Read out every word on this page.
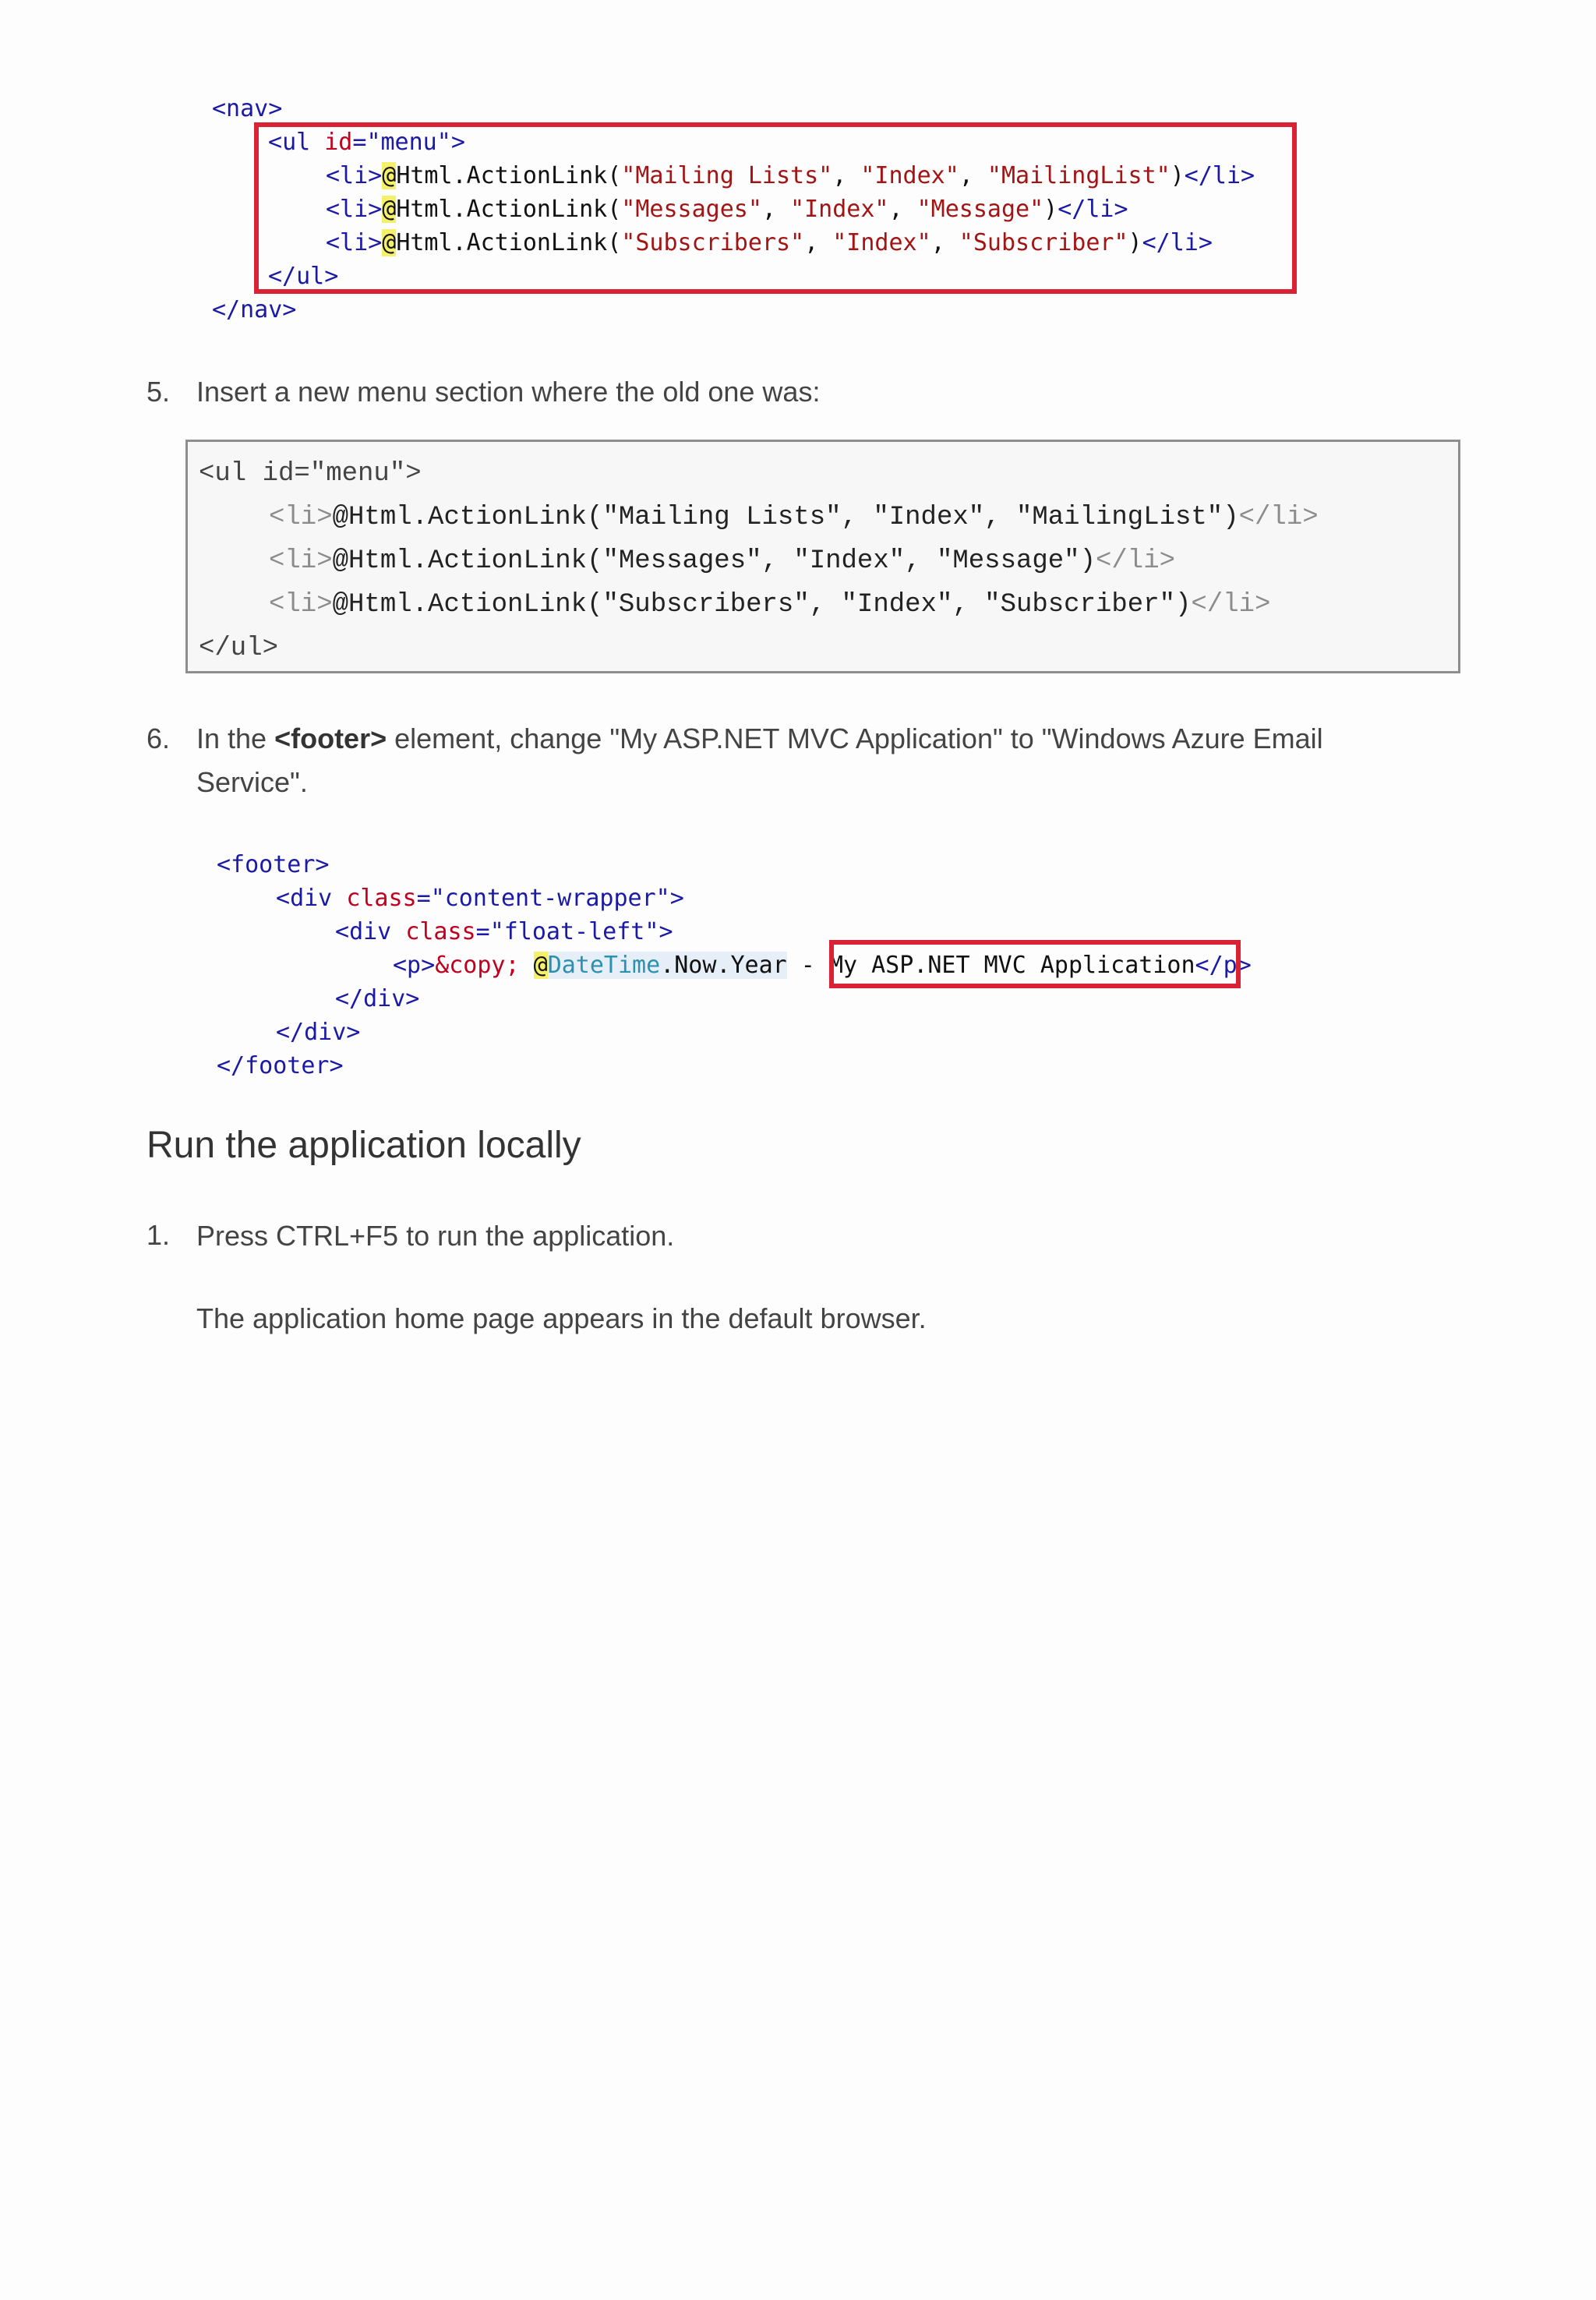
<nav>

<ul id="menu">

<li>@Html.ActionLink("Mailing Lists", "Index", "MailingList")</li>

<li>@Html.ActionLink("Messages", "Index", "Message")</li>

<li>@Html.ActionLink("Subscribers", "Index", "Subscriber")</li>

</ul>

</nav>

5. Insert a new menu section where the old one was:
<ul id="menu">
<li>@Html.ActionLink("Mailing Lists", "Index", "MailingList")</li>
<li>@Html.ActionLink("Messages", "Index", "Message")</li>
<li>@Html.ActionLink("Subscribers", "Index", "Subscriber")</li>
</ul>
6. In the <footer> element, change "My ASP.NET MVC Application" to "Windows Azure Email
Service".

<footer>

<div class="content-wrapper">

<div class="float-left">

<p>&copy; @DateTime.Now.Year - My ASP.NET MVC Application</p>

</div>

</div>

</footer>

Run the application locally
1. Press CTRL+F5 to run the application.
The application home page appears in the default browser.
